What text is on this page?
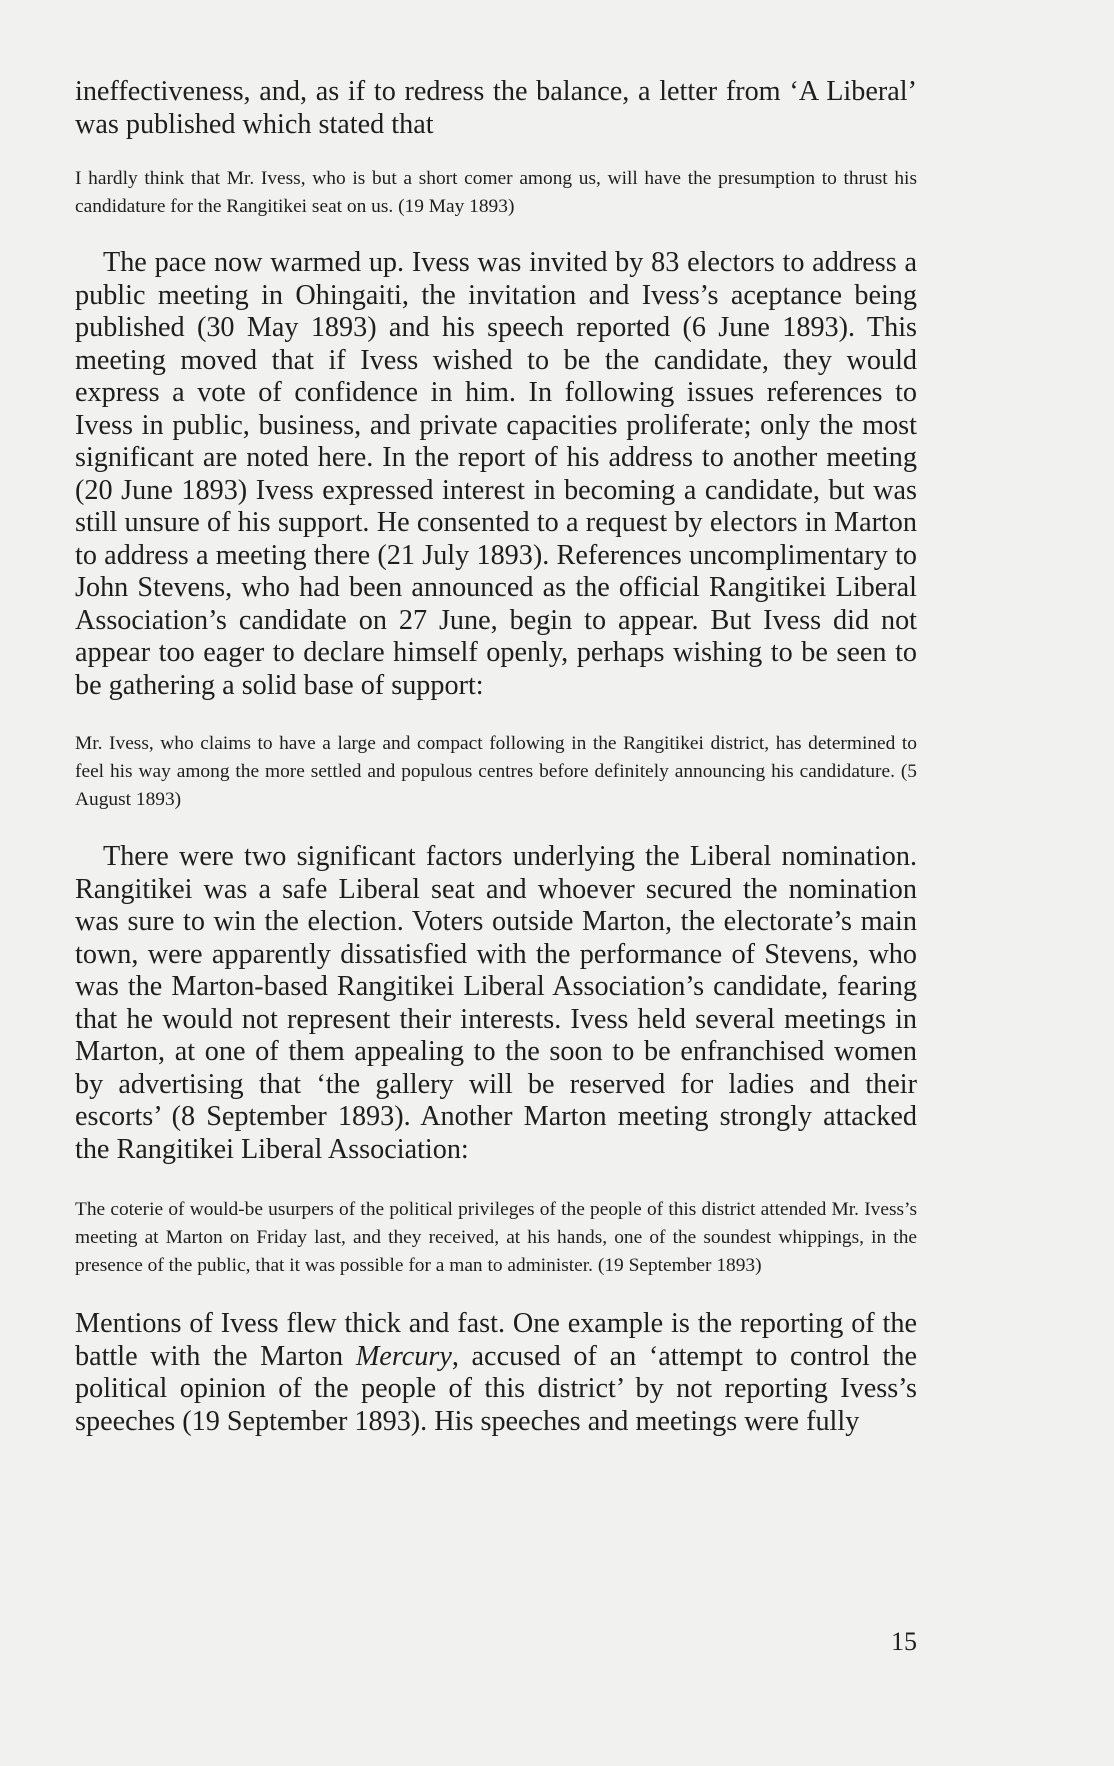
ineffectiveness, and, as if to redress the balance, a letter from ‘A Liberal’ was published which stated that

I hardly think that Mr. Ivess, who is but a short comer among us, will have the presumption to thrust his candidature for the Rangitikei seat on us. (19 May 1893)

The pace now warmed up. Ivess was invited by 83 electors to address a public meeting in Ohingaiti, the invitation and Ivess’s aceptance being published (30 May 1893) and his speech reported (6 June 1893). This meeting moved that if Ivess wished to be the candidate, they would express a vote of confidence in him. In following issues references to Ivess in public, business, and private capacities proliferate; only the most significant are noted here. In the report of his address to another meeting (20 June 1893) Ivess expressed interest in becoming a candidate, but was still unsure of his support. He consented to a request by electors in Marton to address a meeting there (21 July 1893). References uncomplimentary to John Stevens, who had been announced as the official Rangitikei Liberal Association’s candidate on 27 June, begin to appear. But Ivess did not appear too eager to declare himself openly, perhaps wishing to be seen to be gathering a solid base of support:

Mr. Ivess, who claims to have a large and compact following in the Rangitikei district, has determined to feel his way among the more settled and populous centres before definitely announcing his candidature. (5 August 1893)

There were two significant factors underlying the Liberal nomination. Rangitikei was a safe Liberal seat and whoever secured the nomination was sure to win the election. Voters outside Marton, the electorate’s main town, were apparently dissatisfied with the performance of Stevens, who was the Marton-based Rangitikei Liberal Association’s candidate, fearing that he would not represent their interests. Ivess held several meetings in Marton, at one of them appealing to the soon to be enfranchised women by advertising that ‘the gallery will be reserved for ladies and their escorts’ (8 September 1893). Another Marton meeting strongly attacked the Rangitikei Liberal Association:

The coterie of would-be usurpers of the political privileges of the people of this district attended Mr. Ivess’s meeting at Marton on Friday last, and they received, at his hands, one of the soundest whippings, in the presence of the public, that it was possible for a man to administer. (19 September 1893)

Mentions of Ivess flew thick and fast. One example is the reporting of the battle with the Marton Mercury, accused of an ‘attempt to control the political opinion of the people of this district’ by not reporting Ivess’s speeches (19 September 1893). His speeches and meetings were fully

15
